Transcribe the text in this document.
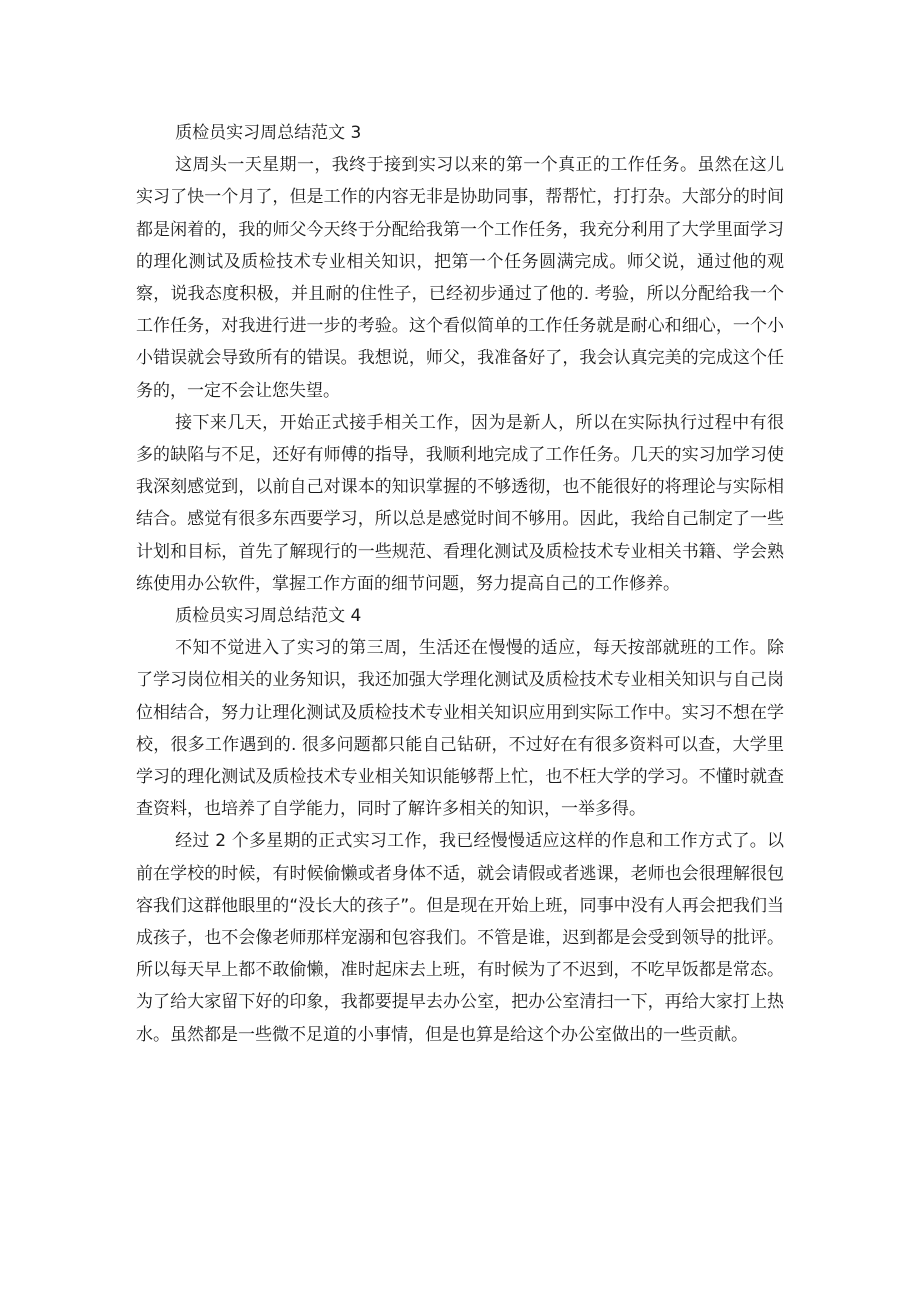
质检员实习周总结范文 3

这周头一天星期一，我终于接到实习以来的第一个真正的工作任务。虽然在这儿实习了快一个月了，但是工作的内容无非是协助同事，帮帮忙，打打杂。大部分的时间都是闲着的，我的师父今天终于分配给我第一个工作任务，我充分利用了大学里面学习的理化测试及质检技术专业相关知识，把第一个任务圆满完成。师父说，通过他的观察，说我态度积极，并且耐的住性子，已经初步通过了他的. 考验，所以分配给我一个工作任务，对我进行进一步的考验。这个看似简单的工作任务就是耐心和细心，一个小小错误就会导致所有的错误。我想说，师父，我准备好了，我会认真完美的完成这个任务的，一定不会让您失望。

接下来几天，开始正式接手相关工作，因为是新人，所以在实际执行过程中有很多的缺陷与不足，还好有师傅的指导，我顺利地完成了工作任务。几天的实习加学习使我深刻感觉到，以前自己对课本的知识掌握的不够透彻，也不能很好的将理论与实际相结合。感觉有很多东西要学习，所以总是感觉时间不够用。因此，我给自己制定了一些计划和目标，首先了解现行的一些规范、看理化测试及质检技术专业相关书籍、学会熟练使用办公软件，掌握工作方面的细节问题，努力提高自己的工作修养。

质检员实习周总结范文 4

不知不觉进入了实习的第三周，生活还在慢慢的适应，每天按部就班的工作。除了学习岗位相关的业务知识，我还加强大学理化测试及质检技术专业相关知识与自己岗位相结合，努力让理化测试及质检技术专业相关知识应用到实际工作中。实习不想在学校，很多工作遇到的. 很多问题都只能自己钻研，不过好在有很多资料可以查，大学里学习的理化测试及质检技术专业相关知识能够帮上忙，也不枉大学的学习。不懂时就查查资料，也培养了自学能力，同时了解许多相关的知识，一举多得。

经过 2 个多星期的正式实习工作，我已经慢慢适应这样的作息和工作方式了。以前在学校的时候，有时候偷懒或者身体不适，就会请假或者逃课，老师也会很理解很包容我们这群他眼里的“没长大的孩子”。但是现在开始上班，同事中没有人再会把我们当成孩子，也不会像老师那样宠溺和包容我们。不管是谁，迟到都是会受到领导的批评。所以每天早上都不敢偷懒，准时起床去上班，有时候为了不迟到，不吃早饭都是常态。为了给大家留下好的印象，我都要提早去办公室，把办公室清扫一下，再给大家打上热水。虽然都是一些微不足道的小事情，但是也算是给这个办公室做出的一些贡献。
